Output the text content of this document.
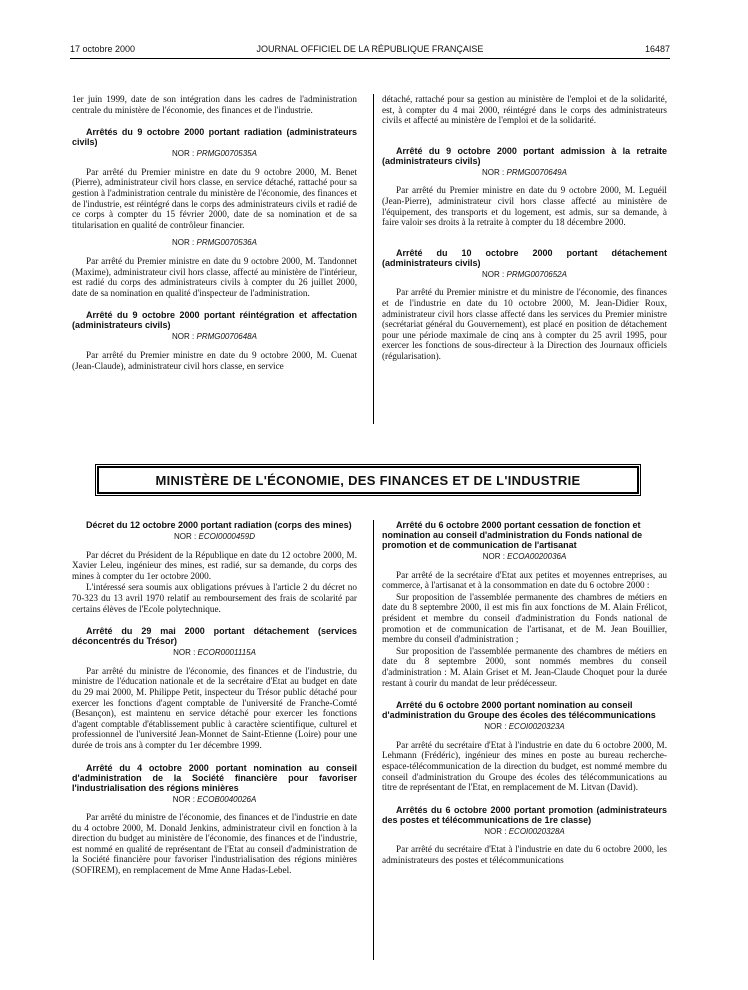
17 octobre 2000	JOURNAL OFFICIEL DE LA RÉPUBLIQUE FRANÇAISE	16487

1er juin 1999, date de son intégration dans les cadres de l'administration centrale du ministère de l'économie, des finances et de l'industrie.

Arrêtés du 9 octobre 2000 portant radiation (administrateurs civils)

NOR : PRMG0070535A

Par arrêté du Premier ministre en date du 9 octobre 2000, M. Benet (Pierre), administrateur civil hors classe, en service détaché, rattaché pour sa gestion à l'administration centrale du ministère de l'économie, des finances et de l'industrie, est réintégré dans le corps des administrateurs civils et radié de ce corps à compter du 15 février 2000, date de sa nomination et de sa titularisation en qualité de contrôleur financier.

NOR : PRMG0070536A

Par arrêté du Premier ministre en date du 9 octobre 2000, M. Tandonnet (Maxime), administrateur civil hors classe, affecté au ministère de l'intérieur, est radié du corps des administrateurs civils à compter du 26 juillet 2000, date de sa nomination en qualité d'inspecteur de l'administration.

Arrêté du 9 octobre 2000 portant réintégration et affectation (administrateurs civils)

NOR : PRMG0070648A

Par arrêté du Premier ministre en date du 9 octobre 2000, M. Cuenat (Jean-Claude), administrateur civil hors classe, en service

détaché, rattaché pour sa gestion au ministère de l'emploi et de la solidarité, est, à compter du 4 mai 2000, réintégré dans le corps des administrateurs civils et affecté au ministère de l'emploi et de la solidarité.

Arrêté du 9 octobre 2000 portant admission à la retraite (administrateurs civils)

NOR : PRMG0070649A

Par arrêté du Premier ministre en date du 9 octobre 2000, M. Leguéil (Jean-Pierre), administrateur civil hors classe affecté au ministère de l'équipement, des transports et du logement, est admis, sur sa demande, à faire valoir ses droits à la retraite à compter du 18 décembre 2000.

Arrêté du 10 octobre 2000 portant détachement (administrateurs civils)

NOR : PRMG0070652A

Par arrêté du Premier ministre et du ministre de l'économie, des finances et de l'industrie en date du 10 octobre 2000, M. Jean-Didier Roux, administrateur civil hors classe affecté dans les services du Premier ministre (secrétariat général du Gouvernement), est placé en position de détachement pour une période maximale de cinq ans à compter du 25 avril 1995, pour exercer les fonctions de sous-directeur à la Direction des Journaux officiels (régularisation).

MINISTÈRE DE L'ÉCONOMIE, DES FINANCES ET DE L'INDUSTRIE

Décret du 12 octobre 2000 portant radiation (corps des mines)

NOR : ECOI0000459D

Par décret du Président de la République en date du 12 octobre 2000, M. Xavier Leleu, ingénieur des mines, est radié, sur sa demande, du corps des mines à compter du 1er octobre 2000.

L'intéressé sera soumis aux obligations prévues à l'article 2 du décret no 70-323 du 13 avril 1970 relatif au remboursement des frais de scolarité par certains élèves de l'Ecole polytechnique.

Arrêté du 29 mai 2000 portant détachement (services déconcentrés du Trésor)

NOR : ECOR0001115A

Par arrêté du ministre de l'économie, des finances et de l'industrie, du ministre de l'éducation nationale et de la secrétaire d'Etat au budget en date du 29 mai 2000, M. Philippe Petit, inspecteur du Trésor public détaché pour exercer les fonctions d'agent comptable de l'université de Franche-Comté (Besançon), est maintenu en service détaché pour exercer les fonctions d'agent comptable d'établissement public à caractère scientifique, culturel et professionnel de l'université Jean-Monnet de Saint-Etienne (Loire) pour une durée de trois ans à compter du 1er décembre 1999.

Arrêté du 4 octobre 2000 portant nomination au conseil d'administration de la Société financière pour favoriser l'industrialisation des régions minières

NOR : ECOB0040026A

Par arrêté du ministre de l'économie, des finances et de l'industrie en date du 4 octobre 2000, M. Donald Jenkins, administrateur civil en fonction à la direction du budget au ministère de l'économie, des finances et de l'industrie, est nommé en qualité de représentant de l'Etat au conseil d'administration de la Société financière pour favoriser l'industrialisation des régions minières (SOFIREM), en remplacement de Mme Anne Hadas-Lebel.

Arrêté du 6 octobre 2000 portant cessation de fonction et nomination au conseil d'administration du Fonds national de promotion et de communication de l'artisanat

NOR : ECOA0020036A

Par arrêté de la secrétaire d'Etat aux petites et moyennes entreprises, au commerce, à l'artisanat et à la consommation en date du 6 octobre 2000 :

Sur proposition de l'assemblée permanente des chambres de métiers en date du 8 septembre 2000, il est mis fin aux fonctions de M. Alain Frélicot, président et membre du conseil d'administration du Fonds national de promotion et de communication de l'artisanat, et de M. Jean Bouillier, membre du conseil d'administration ;

Sur proposition de l'assemblée permanente des chambres de métiers en date du 8 septembre 2000, sont nommés membres du conseil d'administration : M. Alain Griset et M. Jean-Claude Choquet pour la durée restant à courir du mandat de leur prédécesseur.

Arrêté du 6 octobre 2000 portant nomination au conseil d'administration du Groupe des écoles des télécommunications

NOR : ECOI0020323A

Par arrêté du secrétaire d'Etat à l'industrie en date du 6 octobre 2000, M. Lehmann (Frédéric), ingénieur des mines en poste au bureau recherche-espace-télécommunication de la direction du budget, est nommé membre du conseil d'administration du Groupe des écoles des télécommunications au titre de représentant de l'Etat, en remplacement de M. Litvan (David).

Arrêtés du 6 octobre 2000 portant promotion (administrateurs des postes et télécommunications de 1re classe)

NOR : ECOI0020328A

Par arrêté du secrétaire d'Etat à l'industrie en date du 6 octobre 2000, les administrateurs des postes et télécommunications
